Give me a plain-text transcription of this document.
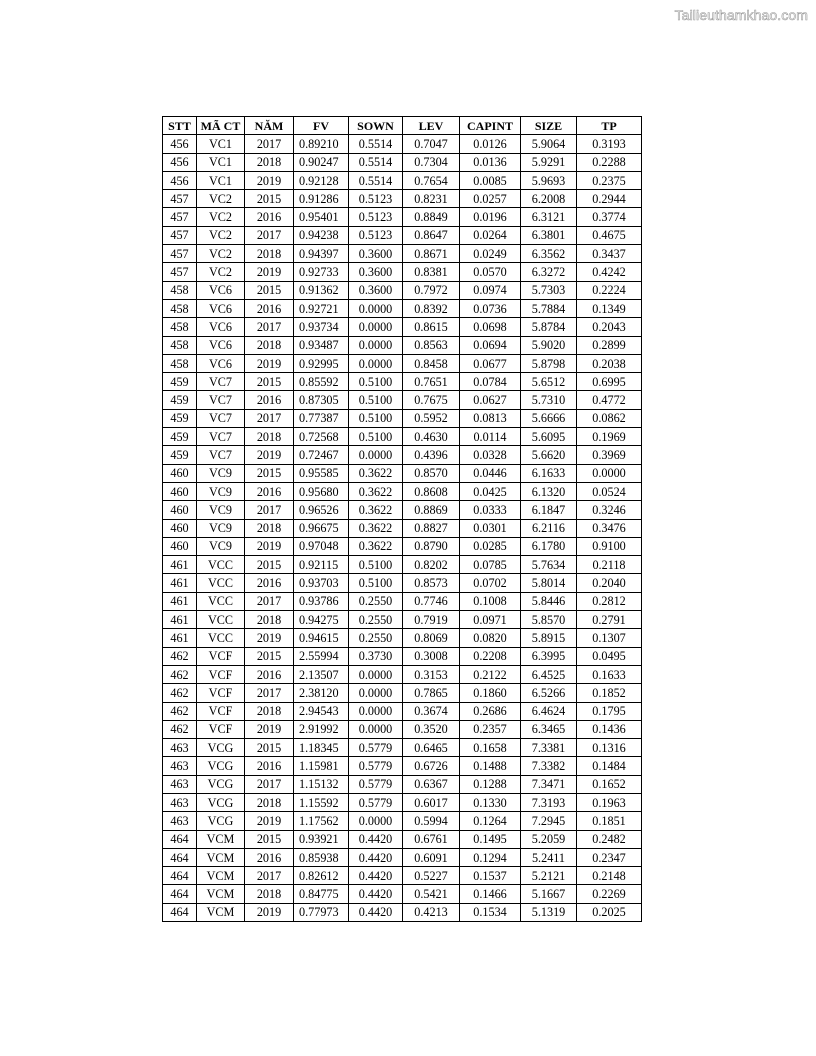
Tailieuthamkhao.com
STT	MÃ CT	NĂM	FV	SOWN	LEV	CAPINT	SIZE	TP
456	VC1	2017	0.89210	0.5514	0.7047	0.0126	5.9064	0.3193
456	VC1	2018	0.90247	0.5514	0.7304	0.0136	5.9291	0.2288
456	VC1	2019	0.92128	0.5514	0.7654	0.0085	5.9693	0.2375
457	VC2	2015	0.91286	0.5123	0.8231	0.0257	6.2008	0.2944
457	VC2	2016	0.95401	0.5123	0.8849	0.0196	6.3121	0.3774
457	VC2	2017	0.94238	0.5123	0.8647	0.0264	6.3801	0.4675
457	VC2	2018	0.94397	0.3600	0.8671	0.0249	6.3562	0.3437
457	VC2	2019	0.92733	0.3600	0.8381	0.0570	6.3272	0.4242
458	VC6	2015	0.91362	0.3600	0.7972	0.0974	5.7303	0.2224
458	VC6	2016	0.92721	0.0000	0.8392	0.0736	5.7884	0.1349
458	VC6	2017	0.93734	0.0000	0.8615	0.0698	5.8784	0.2043
458	VC6	2018	0.93487	0.0000	0.8563	0.0694	5.9020	0.2899
458	VC6	2019	0.92995	0.0000	0.8458	0.0677	5.8798	0.2038
459	VC7	2015	0.85592	0.5100	0.7651	0.0784	5.6512	0.6995
459	VC7	2016	0.87305	0.5100	0.7675	0.0627	5.7310	0.4772
459	VC7	2017	0.77387	0.5100	0.5952	0.0813	5.6666	0.0862
459	VC7	2018	0.72568	0.5100	0.4630	0.0114	5.6095	0.1969
459	VC7	2019	0.72467	0.0000	0.4396	0.0328	5.6620	0.3969
460	VC9	2015	0.95585	0.3622	0.8570	0.0446	6.1633	0.0000
460	VC9	2016	0.95680	0.3622	0.8608	0.0425	6.1320	0.0524
460	VC9	2017	0.96526	0.3622	0.8869	0.0333	6.1847	0.3246
460	VC9	2018	0.96675	0.3622	0.8827	0.0301	6.2116	0.3476
460	VC9	2019	0.97048	0.3622	0.8790	0.0285	6.1780	0.9100
461	VCC	2015	0.92115	0.5100	0.8202	0.0785	5.7634	0.2118
461	VCC	2016	0.93703	0.5100	0.8573	0.0702	5.8014	0.2040
461	VCC	2017	0.93786	0.2550	0.7746	0.1008	5.8446	0.2812
461	VCC	2018	0.94275	0.2550	0.7919	0.0971	5.8570	0.2791
461	VCC	2019	0.94615	0.2550	0.8069	0.0820	5.8915	0.1307
462	VCF	2015	2.55994	0.3730	0.3008	0.2208	6.3995	0.0495
462	VCF	2016	2.13507	0.0000	0.3153	0.2122	6.4525	0.1633
462	VCF	2017	2.38120	0.0000	0.7865	0.1860	6.5266	0.1852
462	VCF	2018	2.94543	0.0000	0.3674	0.2686	6.4624	0.1795
462	VCF	2019	2.91992	0.0000	0.3520	0.2357	6.3465	0.1436
463	VCG	2015	1.18345	0.5779	0.6465	0.1658	7.3381	0.1316
463	VCG	2016	1.15981	0.5779	0.6726	0.1488	7.3382	0.1484
463	VCG	2017	1.15132	0.5779	0.6367	0.1288	7.3471	0.1652
463	VCG	2018	1.15592	0.5779	0.6017	0.1330	7.3193	0.1963
463	VCG	2019	1.17562	0.0000	0.5994	0.1264	7.2945	0.1851
464	VCM	2015	0.93921	0.4420	0.6761	0.1495	5.2059	0.2482
464	VCM	2016	0.85938	0.4420	0.6091	0.1294	5.2411	0.2347
464	VCM	2017	0.82612	0.4420	0.5227	0.1537	5.2121	0.2148
464	VCM	2018	0.84775	0.4420	0.5421	0.1466	5.1667	0.2269
464	VCM	2019	0.77973	0.4420	0.4213	0.1534	5.1319	0.2025
